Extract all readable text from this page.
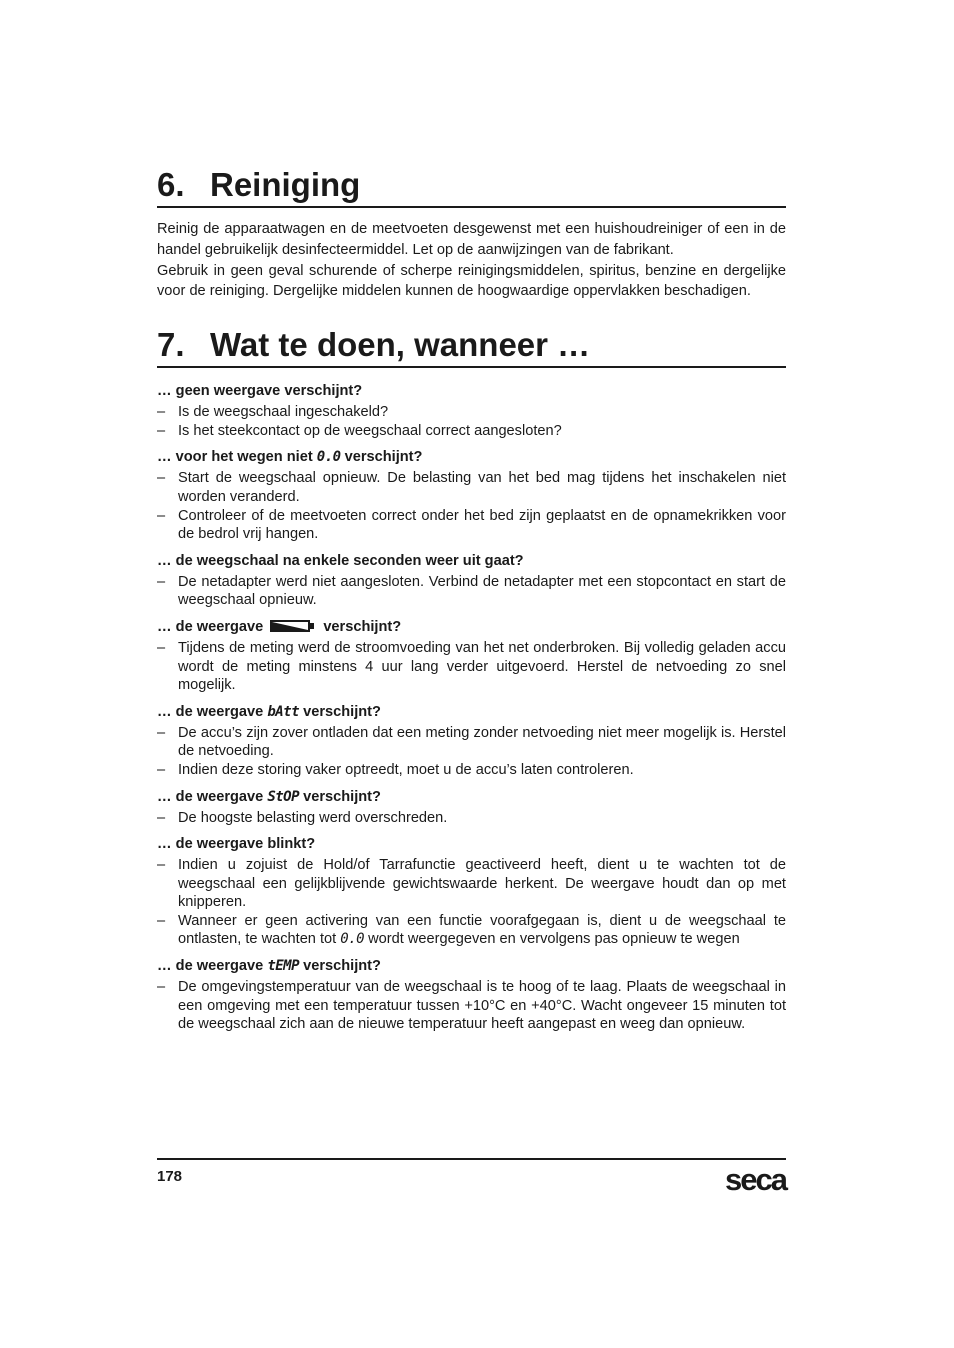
6. Reiniging

Reinig de apparaatwagen en de meetvoeten desgewenst met een huishoudreiniger of een in de handel gebruikelijk desinfecteermiddel. Let op de aanwijzingen van de fabrikant.

Gebruik in geen geval schurende of scherpe reinigingsmiddelen, spiritus, benzine en dergelijke voor de reiniging. Dergelijke middelen kunnen de hoogwaardige oppervlakken beschadigen.

7. Wat te doen, wanneer …

… geen weergave verschijnt?

– Is de weegschaal ingeschakeld?
– Is het steekcontact op de weegschaal correct aangesloten?

… voor het wegen niet 0.0 verschijnt?

– Start de weegschaal opnieuw. De belasting van het bed mag tijdens het inschakelen niet worden veranderd.
– Controleer of de meetvoeten correct onder het bed zijn geplaatst en de opnamekrikken voor de bedrol vrij hangen.

… de weegschaal na enkele seconden weer uit gaat?

– De netadapter werd niet aangesloten. Verbind de netadapter met een stopcontact en start de weegschaal opnieuw.

… de weergave	verschijnt?

– Tijdens de meting werd de stroomvoeding van het net onderbroken. Bij volledig geladen accu wordt de meting minstens 4 uur lang verder uitgevoerd. Herstel de netvoeding zo snel mogelijk.

… de weergave bAtt verschijnt?

– De accu’s zijn zover ontladen dat een meting zonder netvoeding niet meer mogelijk is. Herstel de netvoeding.
– Indien deze storing vaker optreedt, moet u de accu’s laten controleren.

… de weergave StOP verschijnt?

– De hoogste belasting werd overschreden.

… de weergave blinkt?

– Indien u zojuist de Hold/of Tarrafunctie geactiveerd heeft, dient u te wachten tot de weegschaal een gelijkblijvende gewichtswaarde herkent. De weergave houdt dan op met knipperen.
– Wanneer er geen activering van een functie voorafgegaan is, dient u de weegschaal te ontlasten, te wachten tot 0.0 wordt weergegeven en vervolgens pas opnieuw te wegen

… de weergave tEMP verschijnt?

– De omgevingstemperatuur van de weegschaal is te hoog of te laag. Plaats de weegschaal in een omgeving met een temperatuur tussen +10°C en +40°C. Wacht ongeveer 15 minuten tot de weegschaal zich aan de nieuwe temperatuur heeft aangepast en weeg dan opnieuw.
178	seca
